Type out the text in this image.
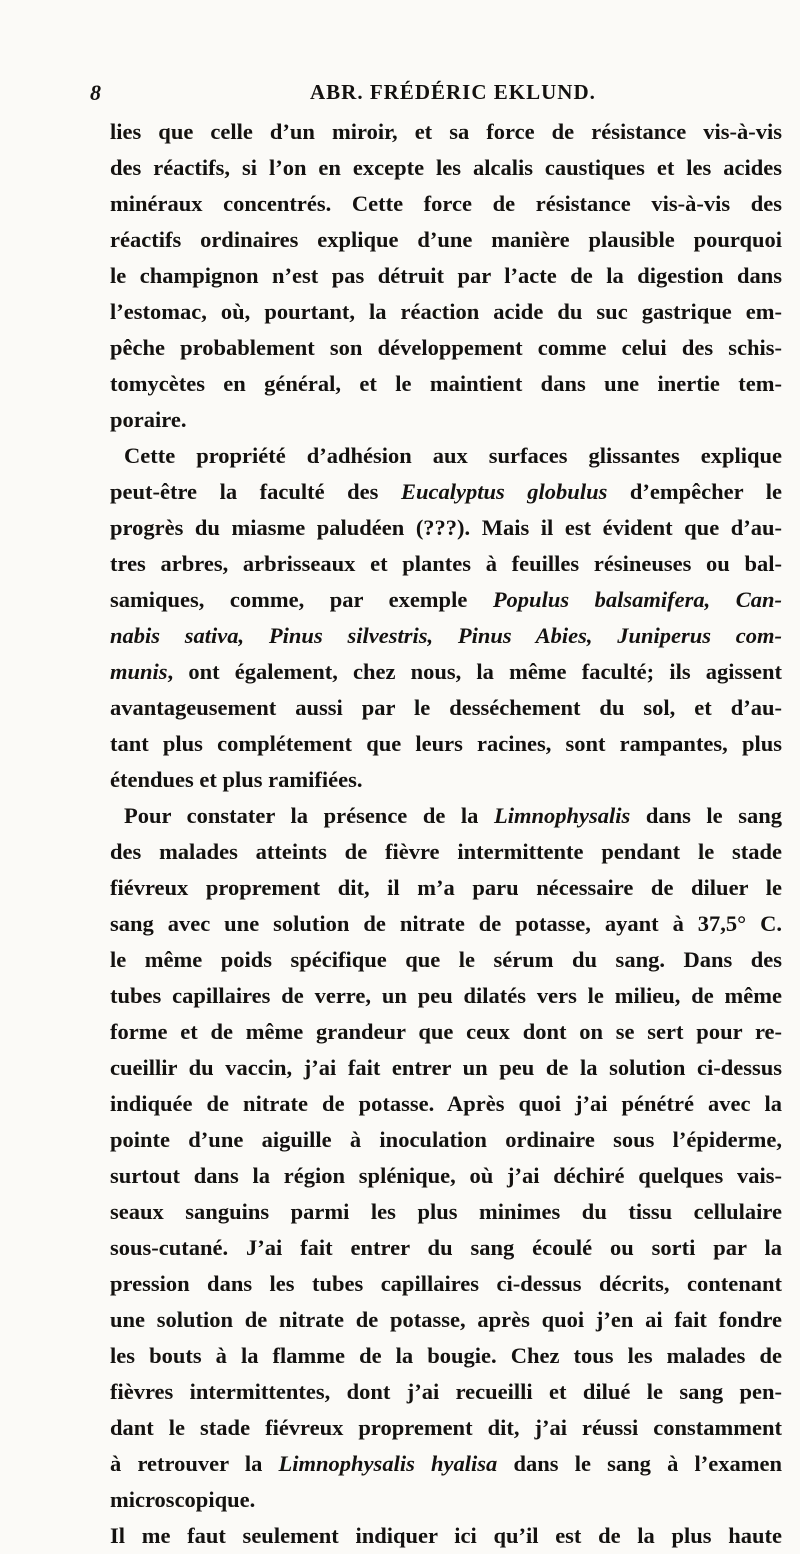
8	ABR. FRÉDÉRIC EKLUND.
lies que celle d’un miroir, et sa force de résistance vis-à-vis
des réactifs, si l’on en excepte les alcalis caustiques et les acides
minéraux concentrés. Cette force de résistance vis-à-vis des
réactifs ordinaires explique d’une manière plausible pourquoi
le champignon n’est pas détruit par l’acte de la digestion dans
l’estomac, où, pourtant, la réaction acide du suc gastrique em-
pêche probablement son développement comme celui des schis-
tomycètes en général, et le maintient dans une inertie tem-
poraire.
Cette propriété d’adhésion aux surfaces glissantes explique
peut-être la faculté des Eucalyptus globulus d’empêcher le
progrès du miasme paludéen (???). Mais il est évident que d’au-
tres arbres, arbrisseaux et plantes à feuilles résineuses ou bal-
samiques, comme, par exemple Populus balsamifera, Can-
nabis sativa, Pinus silvestris, Pinus Abies, Juniperus com-
munis, ont également, chez nous, la même faculté; ils agissent
avantageusement aussi par le desséchement du sol, et d’au-
tant plus complétement que leurs racines, sont rampantes, plus
étendues et plus ramifiées.
Pour constater la présence de la Limnophysalis dans le sang
des malades atteints de fièvre intermittente pendant le stade
fiévreux proprement dit, il m’a paru nécessaire de diluer le
sang avec une solution de nitrate de potasse, ayant à 37,5° C.
le même poids spécifique que le sérum du sang. Dans des
tubes capillaires de verre, un peu dilatés vers le milieu, de même
forme et de même grandeur que ceux dont on se sert pour re-
cueillir du vaccin, j’ai fait entrer un peu de la solution ci-dessus
indiquée de nitrate de potasse. Après quoi j’ai pénétré avec la
pointe d’une aiguille à inoculation ordinaire sous l’épiderme,
surtout dans la région splénique, où j’ai déchiré quelques vais-
seaux sanguins parmi les plus minimes du tissu cellulaire
sous-cutané. J’ai fait entrer du sang écoulé ou sorti par la
pression dans les tubes capillaires ci-dessus décrits, contenant
une solution de nitrate de potasse, après quoi j’en ai fait fondre
les bouts à la flamme de la bougie. Chez tous les malades de
fièvres intermittentes, dont j’ai recueilli et dilué le sang pen-
dant le stade fiévreux proprement dit, j’ai réussi constamment
à retrouver la Limnophysalis hyalisa dans le sang à l’examen
microscopique.
Il me faut seulement indiquer ici qu’il est de la plus haute
